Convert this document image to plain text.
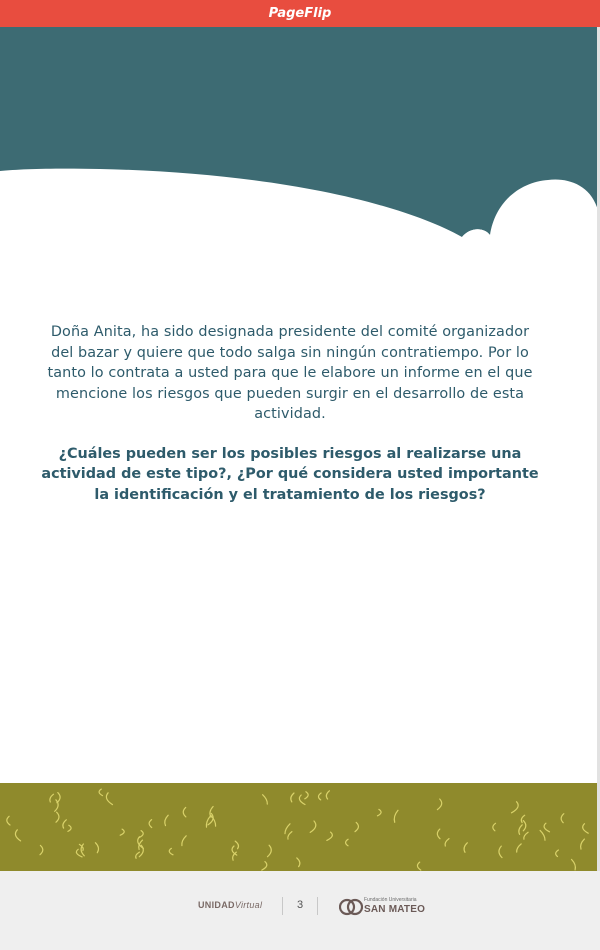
PageFlip

Doña Anita, ha sido designada presidente del comité organizador del bazar y quiere que todo salga sin ningún contratiempo. Por lo tanto lo contrata a usted para que le elabore un informe en el que mencione los riesgos que pueden surgir en el desarrollo de esta actividad.

¿Cuáles pueden ser los posibles riesgos al realizarse una actividad de este tipo?, ¿Por qué considera usted importante la identificación y el tratamiento de los riesgos?

UNIDADVirtual	3	Fundación Universitaria
SAN MATEO
